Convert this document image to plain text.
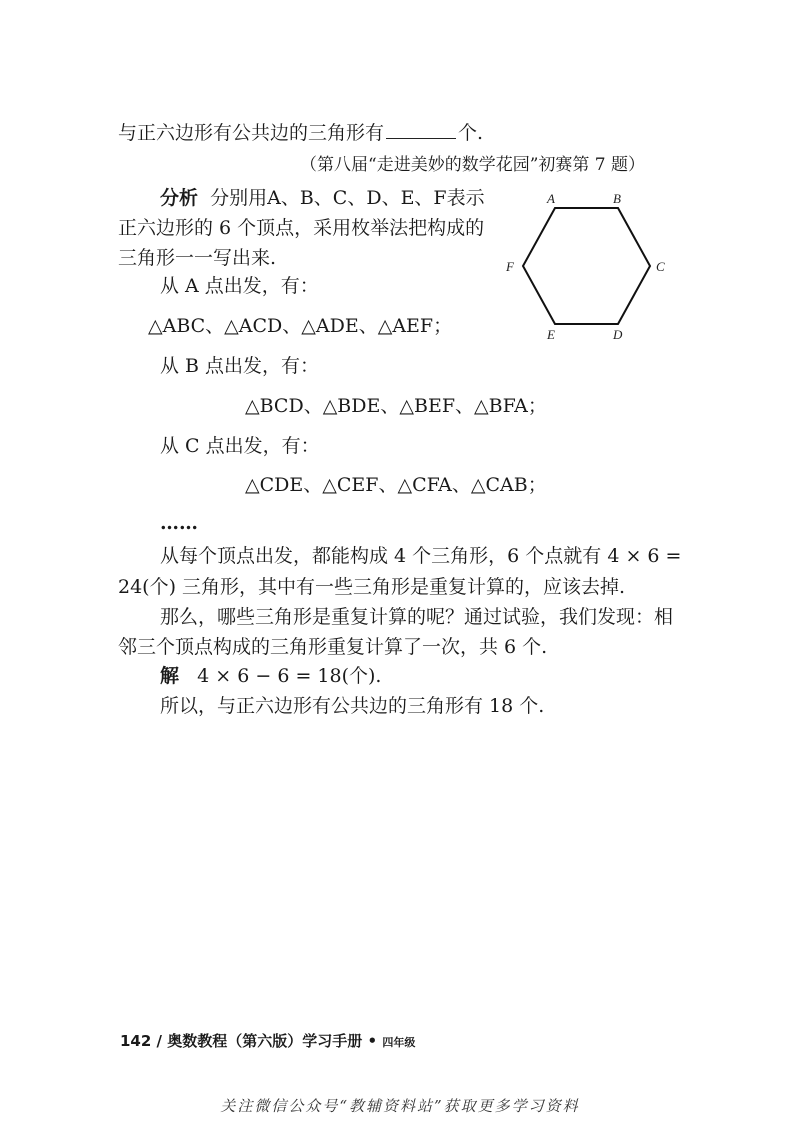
与正六边形有公共边的三角形有	个.
（第八届“走进美妙的数学花园”初赛第 7 题）
分析 分别用A、B、C、D、E、F表示
正六边形的 6 个顶点，采用枚举法把构成的
三角形一一写出来.
A	B
C
D
E
F
从 A 点出发，有：
△ABC、△ACD、△ADE、△AEF；
从 B 点出发，有：
△BCD、△BDE、△BEF、△BFA；
从 C 点出发，有：
△CDE、△CEF、△CFA、△CAB；
……
从每个顶点出发，都能构成 4 个三角形，6 个点就有 4 × 6 =
24(个) 三角形，其中有一些三角形是重复计算的，应该去掉.
那么，哪些三角形是重复计算的呢？通过试验，我们发现：相
邻三个顶点构成的三角形重复计算了一次，共 6 个.
解 4 × 6 − 6 = 18(个).
所以，与正六边形有公共边的三角形有 18 个.
142 / 奥数教程（第六版）学习手册 • 四年级
关注微信公众号“教辅资料站”获取更多学习资料
